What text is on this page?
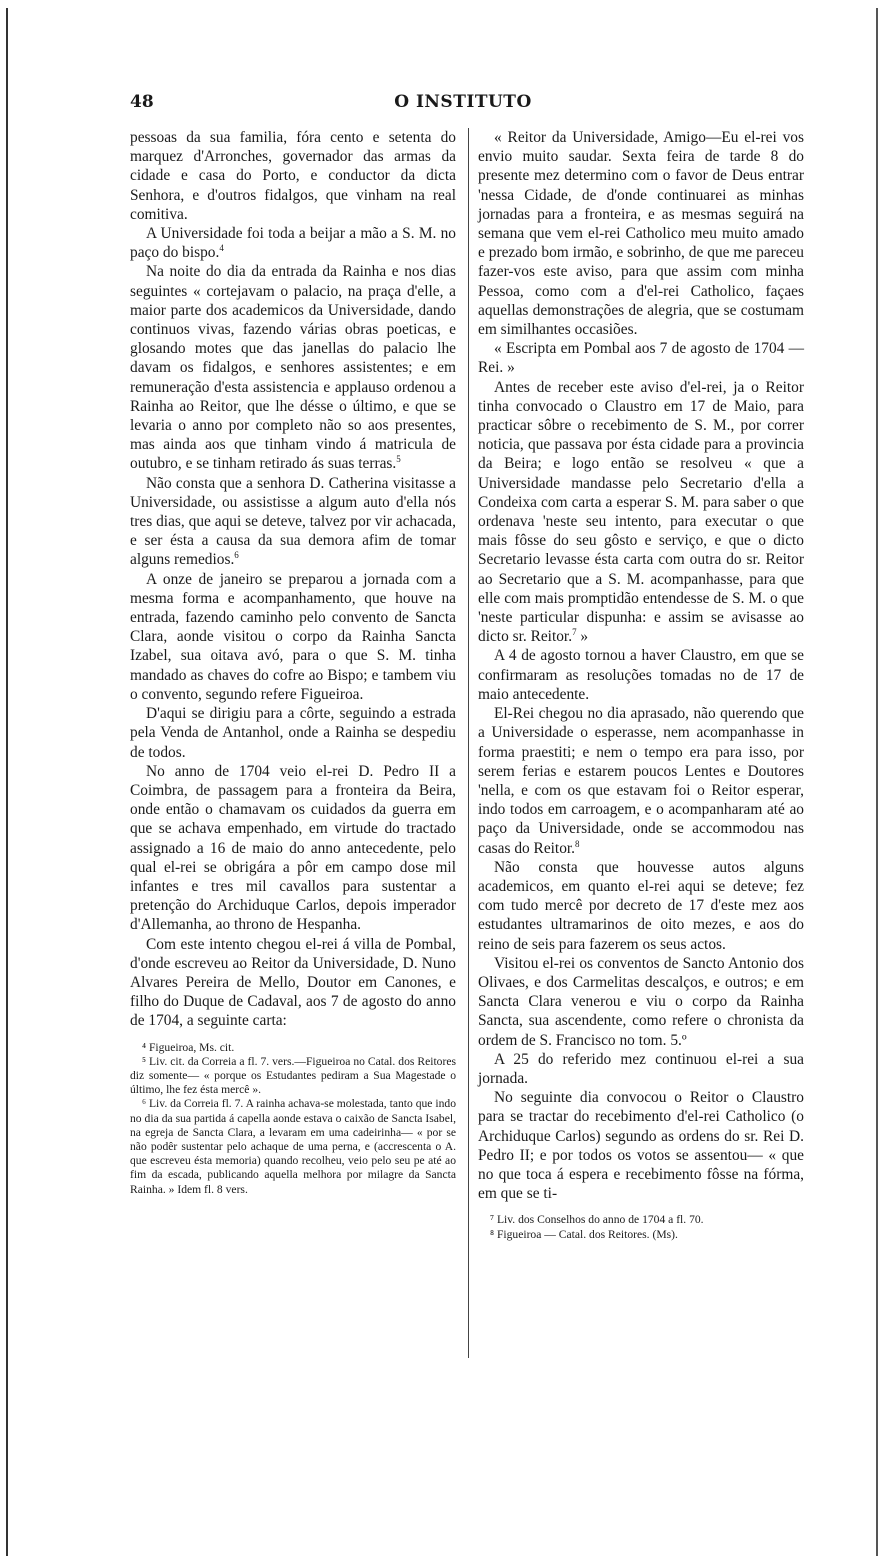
48	O INSTITUTO

pessoas da sua familia, fóra cento e setenta do marquez d'Arronches, governador das armas da cidade e casa do Porto, e conductor da dicta Senhora, e d'outros fidalgos, que vinham na real comitiva.

A Universidade foi toda a beijar a mão a S. M. no paço do bispo.$^4$

Na noite do dia da entrada da Rainha e nos dias seguintes « cortejavam o palacio, na praça d'elle, a maior parte dos academicos da Universidade, dando continuos vivas, fazendo várias obras poeticas, e glosando motes que das janellas do palacio lhe davam os fidalgos, e senhores assistentes; e em remuneração d'esta assistencia e applauso ordenou a Rainha ao Reitor, que lhe désse o último, e que se levaria o anno por completo não so aos presentes, mas ainda aos que tinham vindo á matricula de outubro, e se tinham retirado ás suas terras.$^5$

Não consta que a senhora D. Catherina visitasse a Universidade, ou assistisse a algum auto d'ella nós tres dias, que aqui se deteve, talvez por vir achacada, e ser ésta a causa da sua demora afim de tomar alguns remedios.$^6$

A onze de janeiro se preparou a jornada com a mesma forma e acompanhamento, que houve na entrada, fazendo caminho pelo convento de Sancta Clara, aonde visitou o corpo da Rainha Sancta Izabel, sua oitava avó, para o que S. M. tinha mandado as chaves do cofre ao Bispo; e tambem viu o convento, segundo refere Figueiroa.

D'aqui se dirigiu para a côrte, seguindo a estrada pela Venda de Antanhol, onde a Rainha se despediu de todos.

No anno de 1704 veio el-rei D. Pedro II a Coimbra, de passagem para a fronteira da Beira, onde então o chamavam os cuidados da guerra em que se achava empenhado, em virtude do tractado assignado a 16 de maio do anno antecedente, pelo qual el-rei se obrigára a pôr em campo dose mil infantes e tres mil cavallos para sustentar a pretenção do Archiduque Carlos, depois imperador d'Allemanha, ao throno de Hespanha.

Com este intento chegou el-rei á villa de Pombal, d'onde escreveu ao Reitor da Universidade, D. Nuno Alvares Pereira de Mello, Doutor em Canones, e filho do Duque de Cadaval, aos 7 de agosto do anno de 1704, a seguinte carta:

⁴ Figueiroa, Ms. cit.

⁵ Liv. cit. da Correia a fl. 7. vers.—Figueiroa no Catal. dos Reitores diz somente— « porque os Estudantes pediram a Sua Magestade o último, lhe fez ésta mercê ».

⁶ Liv. da Correia fl. 7. A rainha achava-se molestada, tanto que indo no dia da sua partida á capella aonde estava o caixão de Sancta Isabel, na egreja de Sancta Clara, a levaram em uma cadeirinha— « por se não podêr sustentar pelo achaque de uma perna, e (accrescenta o A. que escreveu ésta memoria) quando recolheu, veio pelo seu pe até ao fim da escada, publicando aquella melhora por milagre da Sancta Rainha. » Idem fl. 8 vers.

« Reitor da Universidade, Amigo—Eu el-rei vos envio muito saudar. Sexta feira de tarde 8 do presente mez determino com o favor de Deus entrar 'nessa Cidade, de d'onde continuarei as minhas jornadas para a fronteira, e as mesmas seguirá na semana que vem el-rei Catholico meu muito amado e prezado bom irmão, e sobrinho, de que me pareceu fazer-vos este aviso, para que assim com minha Pessoa, como com a d'el-rei Catholico, façaes aquellas demonstrações de alegria, que se costumam em similhantes occasiões.

« Escripta em Pombal aos 7 de agosto de 1704 — Rei. »

Antes de receber este aviso d'el-rei, ja o Reitor tinha convocado o Claustro em 17 de Maio, para practicar sôbre o recebimento de S. M., por correr noticia, que passava por ésta cidade para a provincia da Beira; e logo então se resolveu « que a Universidade mandasse pelo Secretario d'ella a Condeixa com carta a esperar S. M. para saber o que ordenava 'neste seu intento, para executar o que mais fôsse do seu gôsto e serviço, e que o dicto Secretario levasse ésta carta com outra do sr. Reitor ao Secretario que a S. M. acompanhasse, para que elle com mais promptidão entendesse de S. M. o que 'neste particular dispunha: e assim se avisasse ao dicto sr. Reitor.$^7$ »

A 4 de agosto tornou a haver Claustro, em que se confirmaram as resoluções tomadas no de 17 de maio antecedente.

El-Rei chegou no dia aprasado, não querendo que a Universidade o esperasse, nem acompanhasse in forma praestiti; e nem o tempo era para isso, por serem ferias e estarem poucos Lentes e Doutores 'nella, e com os que estavam foi o Reitor esperar, indo todos em carroagem, e o acompanharam até ao paço da Universidade, onde se accommodou nas casas do Reitor.$^8$

Não consta que houvesse autos alguns academicos, em quanto el-rei aqui se deteve; fez com tudo mercê por decreto de 17 d'este mez aos estudantes ultramarinos de oito mezes, e aos do reino de seis para fazerem os seus actos.

Visitou el-rei os conventos de Sancto Antonio dos Olivaes, e dos Carmelitas descalços, e outros; e em Sancta Clara venerou e viu o corpo da Rainha Sancta, sua ascendente, como refere o chronista da ordem de S. Francisco no tom. 5.º

A 25 do referido mez continuou el-rei a sua jornada.

No seguinte dia convocou o Reitor o Claustro para se tractar do recebimento d'el-rei Catholico (o Archiduque Carlos) segundo as ordens do sr. Rei D. Pedro II; e por todos os votos se assentou— « que no que toca á espera e recebimento fôsse na fórma, em que se ti-

⁷ Liv. dos Conselhos do anno de 1704 a fl. 70.

⁸ Figueiroa — Catal. dos Reitores. (Ms).
